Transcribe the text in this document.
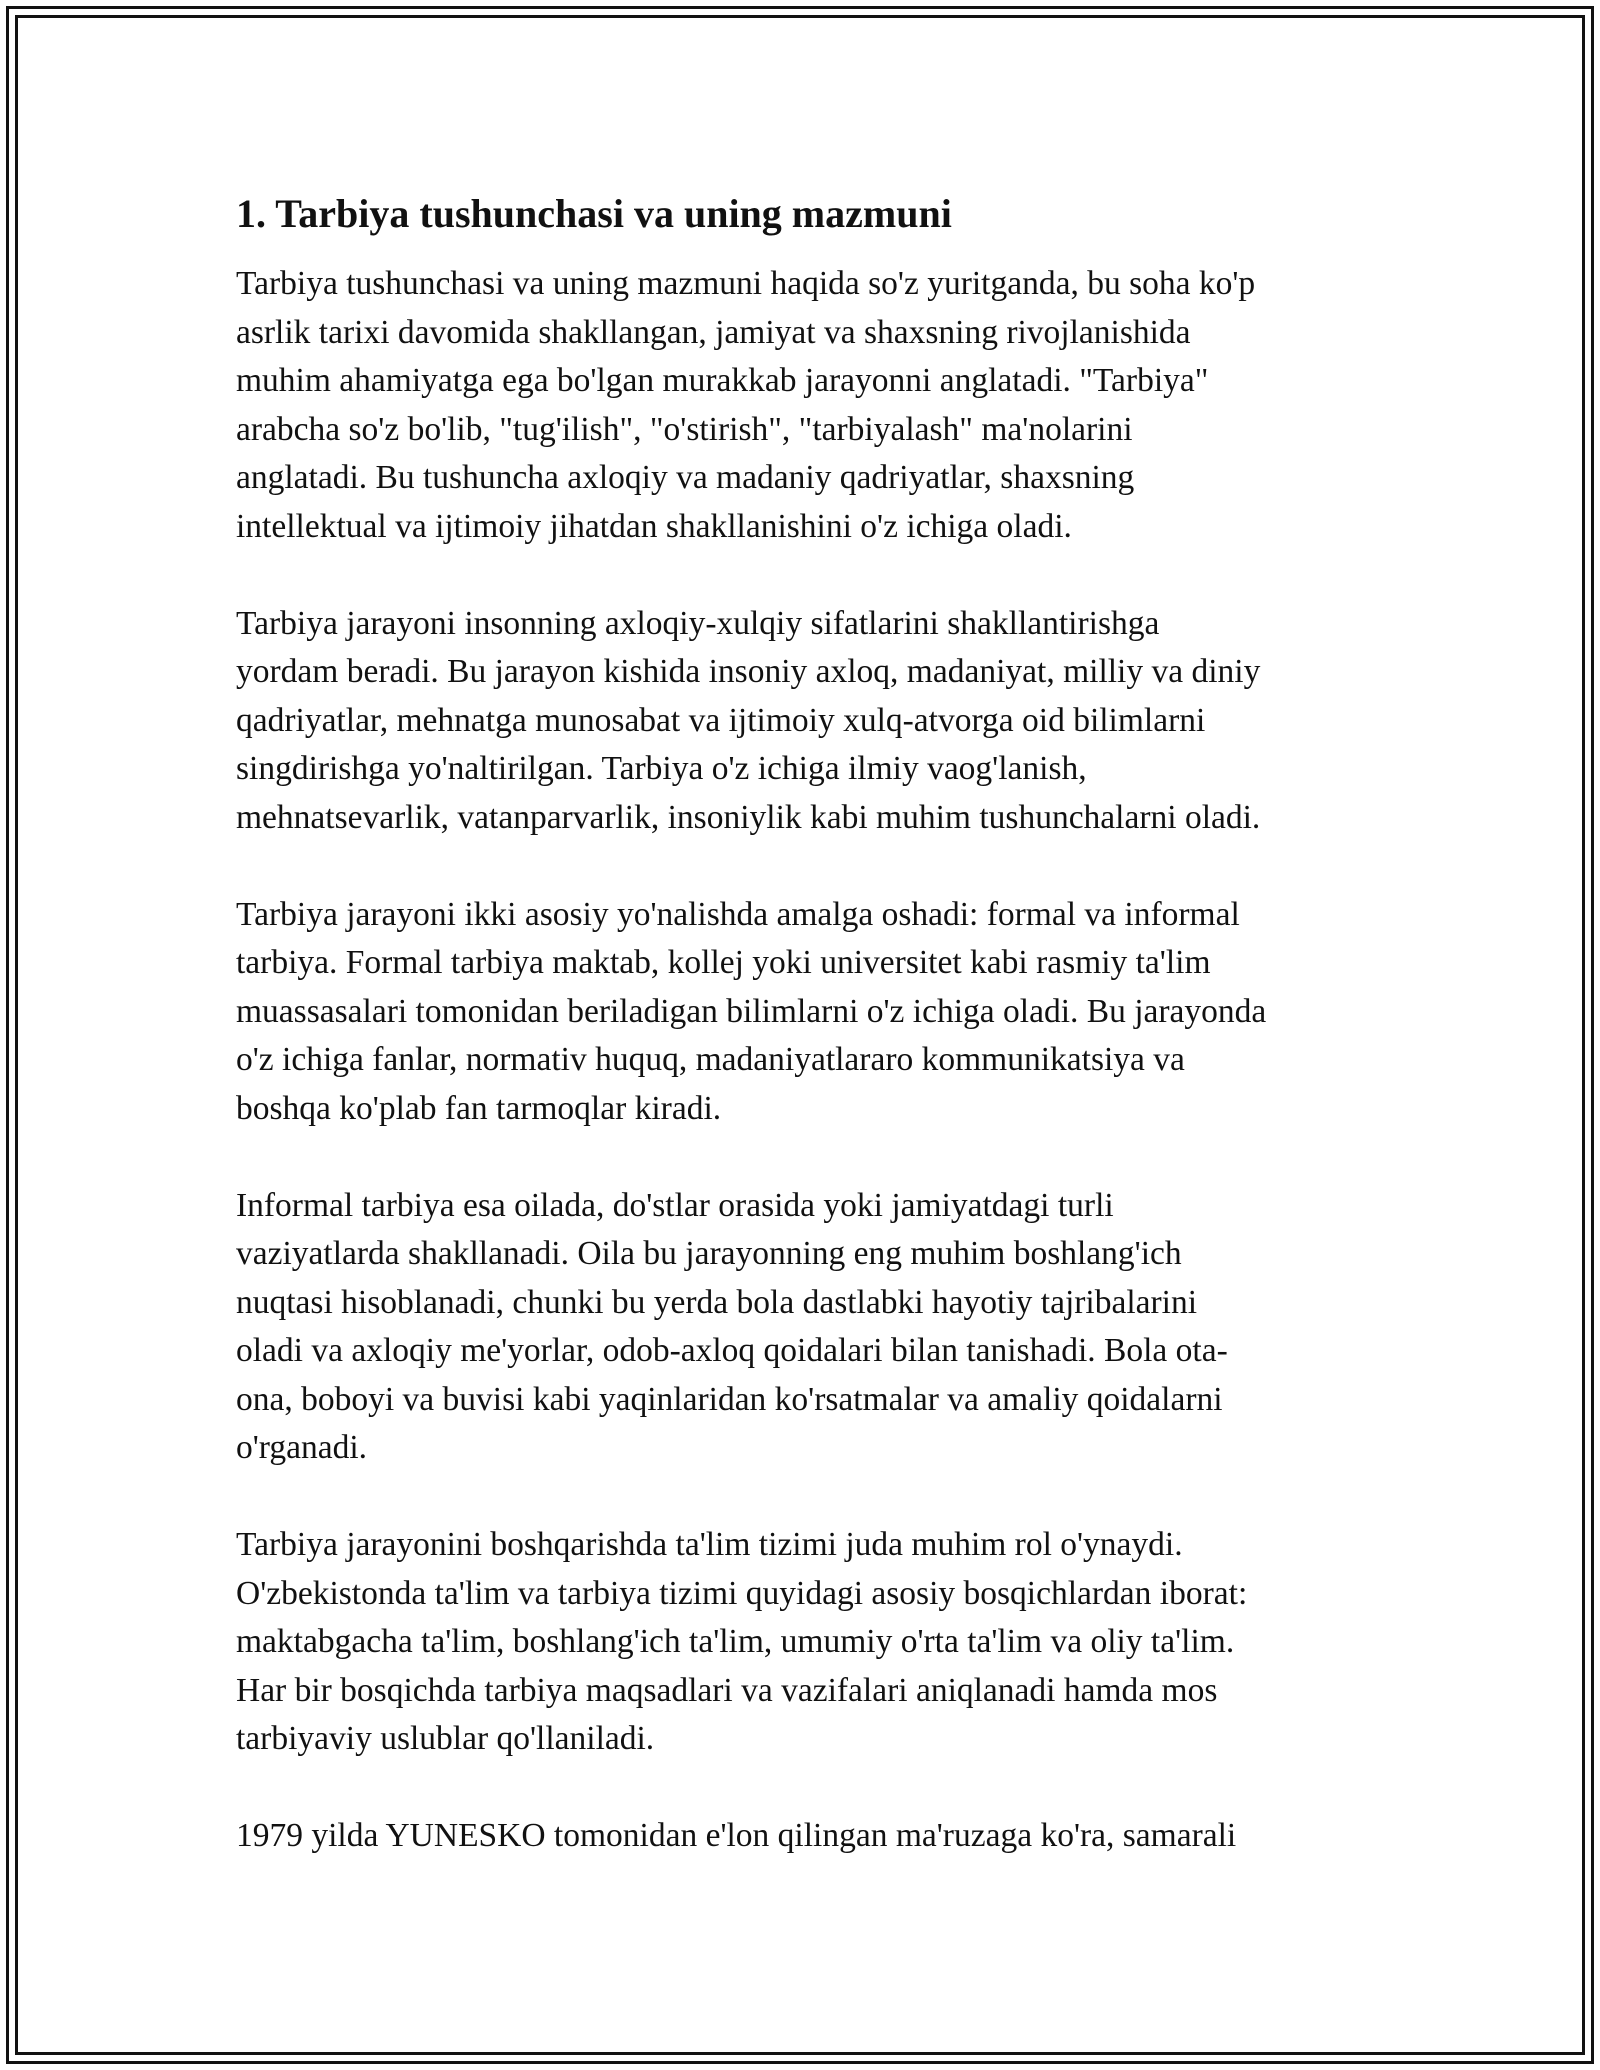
1. Tarbiya tushunchasi va uning mazmuni

Tarbiya tushunchasi va uning mazmuni haqida so'z yuritganda, bu soha ko'p
asrlik tarixi davomida shakllangan, jamiyat va shaxsning rivojlanishida
muhim ahamiyatga ega bo'lgan murakkab jarayonni anglatadi. "Tarbiya"
arabcha so'z bo'lib, "tug'ilish", "o'stirish", "tarbiyalash" ma'nolarini
anglatadi. Bu tushuncha axloqiy va madaniy qadriyatlar, shaxsning
intellektual va ijtimoiy jihatdan shakllanishini o'z ichiga oladi.

Tarbiya jarayoni insonning axloqiy-xulqiy sifatlarini shakllantirishga
yordam beradi. Bu jarayon kishida insoniy axloq, madaniyat, milliy va diniy
qadriyatlar, mehnatga munosabat va ijtimoiy xulq-atvorga oid bilimlarni
singdirishga yo'naltirilgan. Tarbiya o'z ichiga ilmiy vaog'lanish,
mehnatsevarlik, vatanparvarlik, insoniylik kabi muhim tushunchalarni oladi.

Tarbiya jarayoni ikki asosiy yo'nalishda amalga oshadi: formal va informal
tarbiya. Formal tarbiya maktab, kollej yoki universitet kabi rasmiy ta'lim
muassasalari tomonidan beriladigan bilimlarni o'z ichiga oladi. Bu jarayonda
o'z ichiga fanlar, normativ huquq, madaniyatlararo kommunikatsiya va
boshqa ko'plab fan tarmoqlar kiradi.

Informal tarbiya esa oilada, do'stlar orasida yoki jamiyatdagi turli
vaziyatlarda shakllanadi. Oila bu jarayonning eng muhim boshlang'ich
nuqtasi hisoblanadi, chunki bu yerda bola dastlabki hayotiy tajribalarini
oladi va axloqiy me'yorlar, odob-axloq qoidalari bilan tanishadi. Bola ota-
ona, boboyi va buvisi kabi yaqinlaridan ko'rsatmalar va amaliy qoidalarni
o'rganadi.

Tarbiya jarayonini boshqarishda ta'lim tizimi juda muhim rol o'ynaydi.
O'zbekistonda ta'lim va tarbiya tizimi quyidagi asosiy bosqichlardan iborat:
maktabgacha ta'lim, boshlang'ich ta'lim, umumiy o'rta ta'lim va oliy ta'lim.
Har bir bosqichda tarbiya maqsadlari va vazifalari aniqlanadi hamda mos
tarbiyaviy uslublar qo'llaniladi.

1979 yilda YUNESKO tomonidan e'lon qilingan ma'ruzaga ko'ra, samarali
